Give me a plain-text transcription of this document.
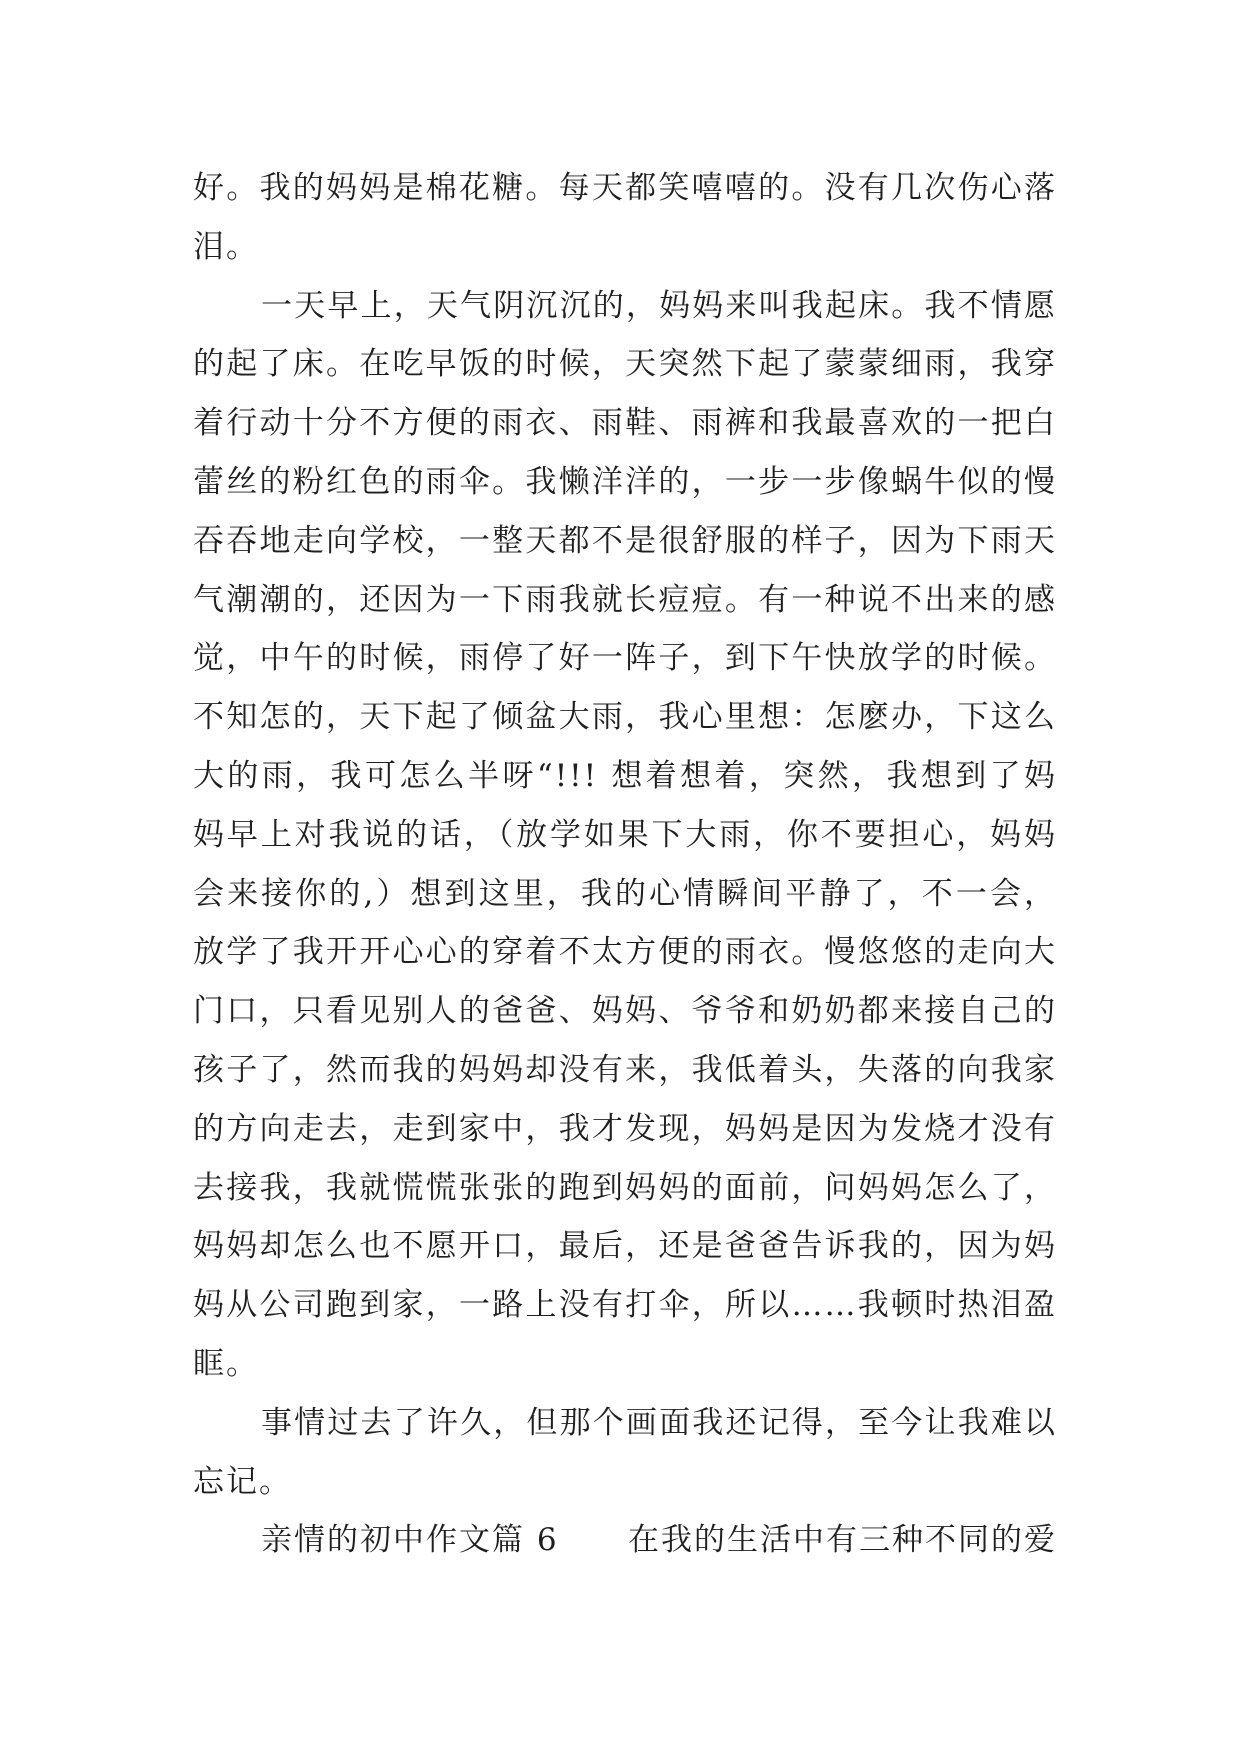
好。我的妈妈是棉花糖。每天都笑嘻嘻的。没有几次伤心落
泪。
一天早上，天气阴沉沉的，妈妈来叫我起床。我不情愿
的起了床。在吃早饭的时候，天突然下起了蒙蒙细雨，我穿
着行动十分不方便的雨衣、雨鞋、雨裤和我最喜欢的一把白
蕾丝的粉红色的雨伞。我懒洋洋的，一步一步像蜗牛似的慢
吞吞地走向学校，一整天都不是很舒服的样子，因为下雨天
气潮潮的，还因为一下雨我就长痘痘。有一种说不出来的感
觉，中午的时候，雨停了好一阵子，到下午快放学的时候。
不知怎的，天下起了倾盆大雨，我心里想：怎麽办，下这么
大的雨，我可怎么半呀“!!! 想着想着，突然，我想到了妈
妈早上对我说的话，（放学如果下大雨，你不要担心，妈妈
会来接你的,）想到这里，我的心情瞬间平静了，不一会，
放学了我开开心心的穿着不太方便的雨衣。慢悠悠的走向大
门口，只看见别人的爸爸、妈妈、爷爷和奶奶都来接自己的
孩子了，然而我的妈妈却没有来，我低着头，失落的向我家
的方向走去，走到家中，我才发现，妈妈是因为发烧才没有
去接我，我就慌慌张张的跑到妈妈的面前，问妈妈怎么了，
妈妈却怎么也不愿开口，最后，还是爸爸告诉我的，因为妈
妈从公司跑到家，一路上没有打伞，所以……我顿时热泪盈
眶。
事情过去了许久，但那个画面我还记得，至今让我难以
忘记。
亲情的初中作文篇 6 在我的生活中有三种不同的爱
